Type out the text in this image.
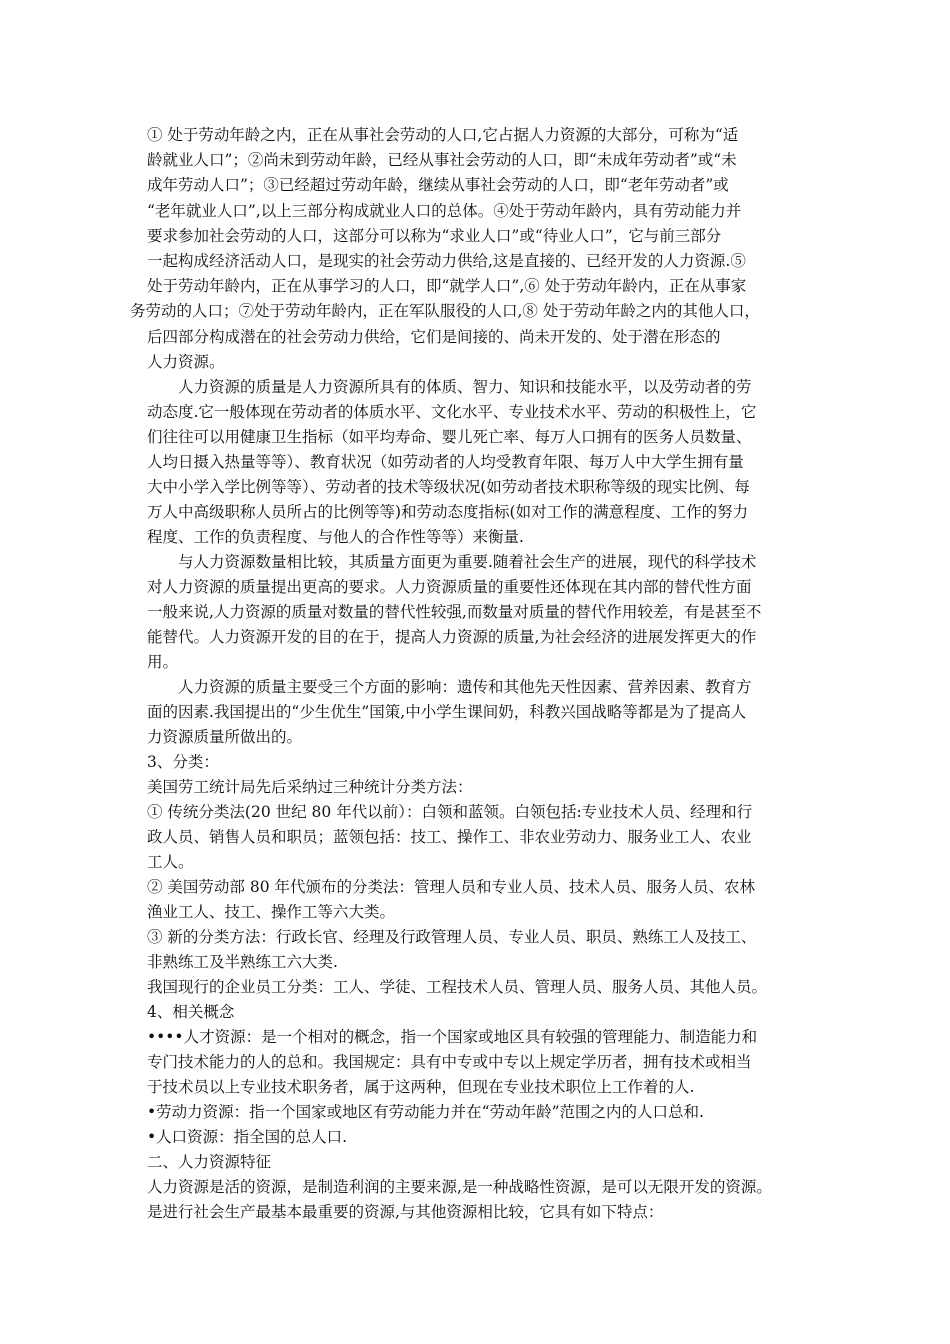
① 处于劳动年龄之内，正在从事社会劳动的人口,它占据人力资源的大部分，可称为“适
龄就业人口”；②尚未到劳动年龄，已经从事社会劳动的人口，即“未成年劳动者”或“未
成年劳动人口”；③已经超过劳动年龄，继续从事社会劳动的人口，即“老年劳动者”或
“老年就业人口”,以上三部分构成就业人口的总体。④处于劳动年龄内，具有劳动能力并
要求参加社会劳动的人口，这部分可以称为“求业人口”或“待业人口”，它与前三部分
一起构成经济活动人口，是现实的社会劳动力供给,这是直接的、已经开发的人力资源.⑤
处于劳动年龄内，正在从事学习的人口，即“就学人口”,⑥ 处于劳动年龄内，正在从事家
务劳动的人口；⑦处于劳动年龄内，正在军队服役的人口,⑧ 处于劳动年龄之内的其他人口，
后四部分构成潜在的社会劳动力供给，它们是间接的、尚未开发的、处于潜在形态的
人力资源。
人力资源的质量是人力资源所具有的体质、智力、知识和技能水平，以及劳动者的劳
动态度.它一般体现在劳动者的体质水平、文化水平、专业技术水平、劳动的积极性上，它
们往往可以用健康卫生指标（如平均寿命、婴儿死亡率、每万人口拥有的医务人员数量、
人均日摄入热量等等）、教育状况（如劳动者的人均受教育年限、每万人中大学生拥有量
大中小学入学比例等等）、劳动者的技术等级状况(如劳动者技术职称等级的现实比例、每
万人中高级职称人员所占的比例等等)和劳动态度指标(如对工作的满意程度、工作的努力
程度、工作的负责程度、与他人的合作性等等）来衡量.
与人力资源数量相比较，其质量方面更为重要.随着社会生产的进展，现代的科学技术
对人力资源的质量提出更高的要求。人力资源质量的重要性还体现在其内部的替代性方面
一般来说,人力资源的质量对数量的替代性较强,而数量对质量的替代作用较差，有是甚至不
能替代。人力资源开发的目的在于，提高人力资源的质量,为社会经济的进展发挥更大的作
用。
人力资源的质量主要受三个方面的影响：遗传和其他先天性因素、营养因素、教育方
面的因素.我国提出的“少生优生”国策,中小学生课间奶，科教兴国战略等都是为了提高人
力资源质量所做出的。
3、分类：
美国劳工统计局先后采纳过三种统计分类方法：
① 传统分类法(20 世纪 80 年代以前）：白领和蓝领。白领包括:专业技术人员、经理和行
政人员、销售人员和职员；蓝领包括：技工、操作工、非农业劳动力、服务业工人、农业
工人。
② 美国劳动部 80 年代颁布的分类法：管理人员和专业人员、技术人员、服务人员、农林
渔业工人、技工、操作工等六大类。
③ 新的分类方法：行政长官、经理及行政管理人员、专业人员、职员、熟练工人及技工、
非熟练工及半熟练工六大类.
我国现行的企业员工分类：工人、学徒、工程技术人员、管理人员、服务人员、其他人员。
4、相关概念
••••人才资源：是一个相对的概念，指一个国家或地区具有较强的管理能力、制造能力和
专门技术能力的人的总和。我国规定：具有中专或中专以上规定学历者，拥有技术或相当
于技术员以上专业技术职务者，属于这两种，但现在专业技术职位上工作着的人.
•劳动力资源：指一个国家或地区有劳动能力并在“劳动年龄”范围之内的人口总和.
•人口资源：指全国的总人口.
二、人力资源特征
人力资源是活的资源，是制造利润的主要来源,是一种战略性资源，是可以无限开发的资源。
是进行社会生产最基本最重要的资源,与其他资源相比较，它具有如下特点：
